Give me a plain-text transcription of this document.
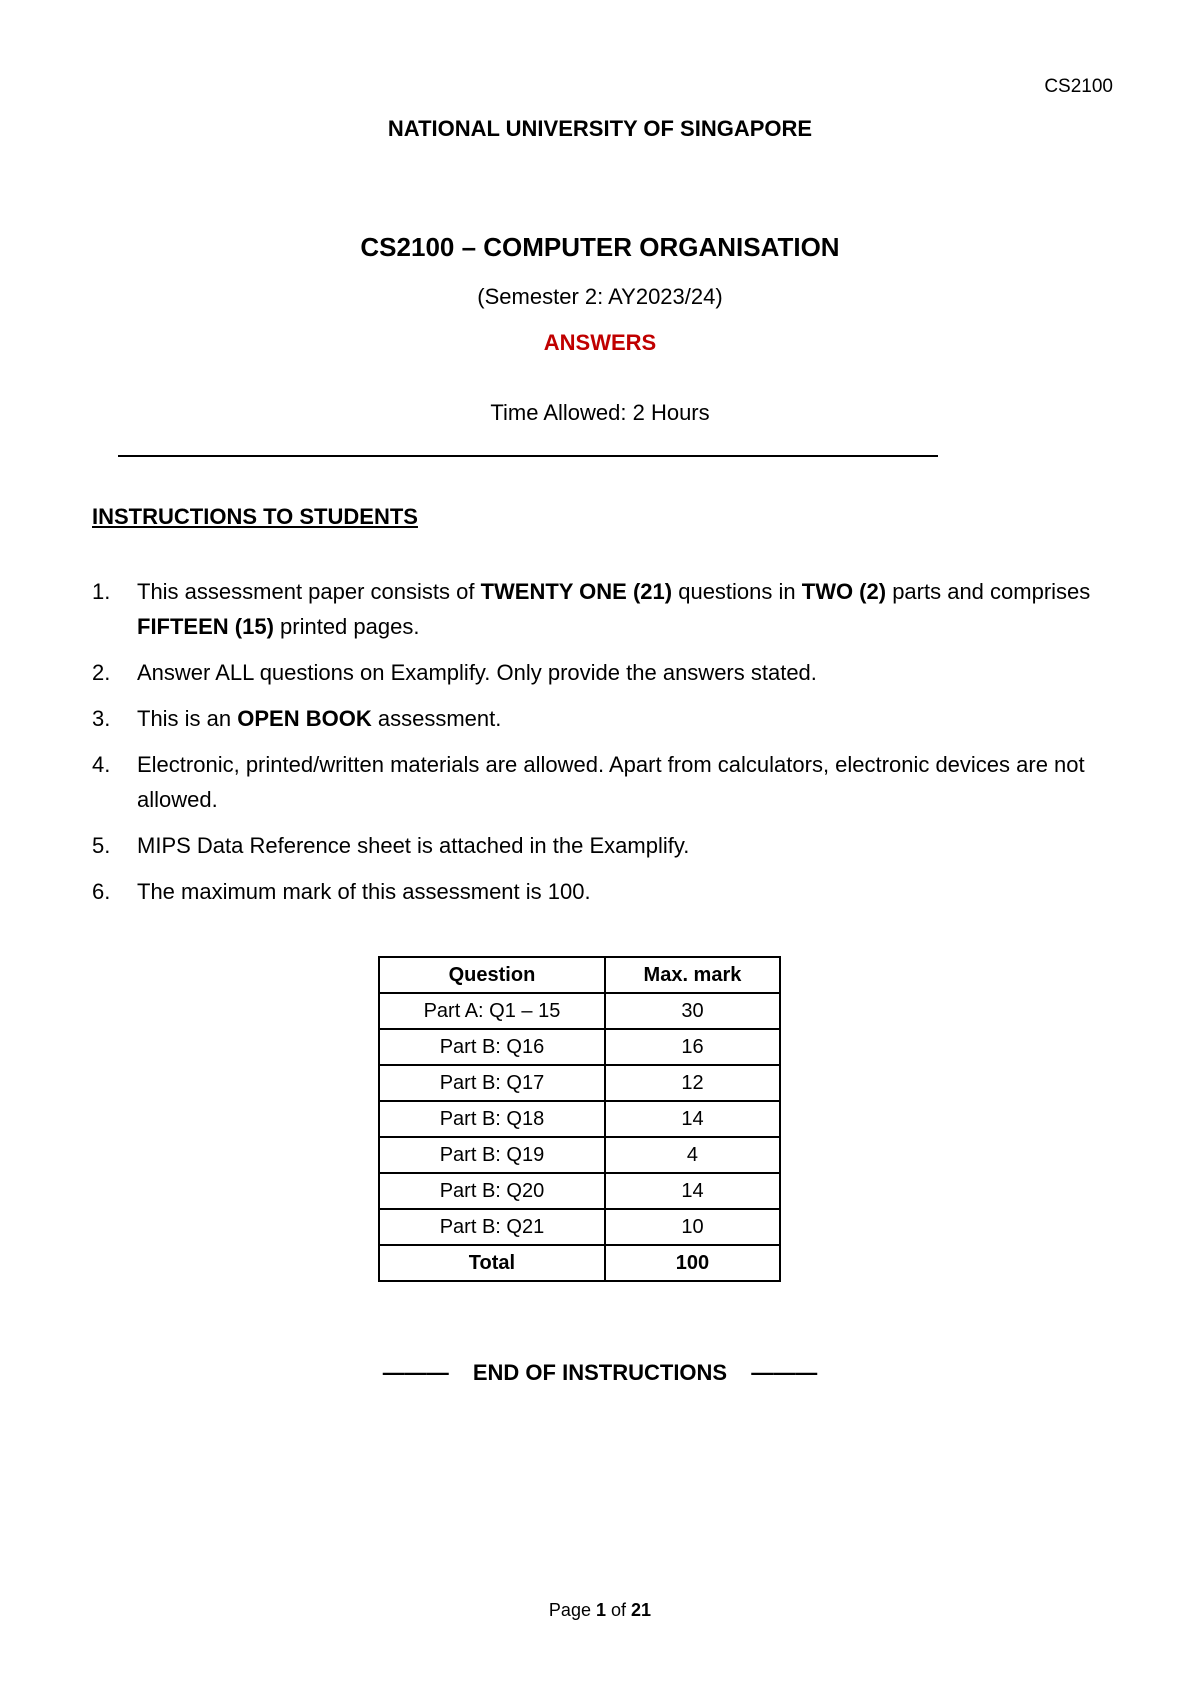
CS2100
NATIONAL UNIVERSITY OF SINGAPORE
CS2100 – COMPUTER ORGANISATION
(Semester 2: AY2023/24)
ANSWERS
Time Allowed: 2 Hours
INSTRUCTIONS TO STUDENTS
1. This assessment paper consists of TWENTY ONE (21) questions in TWO (2) parts and comprises FIFTEEN (15) printed pages.
2. Answer ALL questions on Examplify. Only provide the answers stated.
3. This is an OPEN BOOK assessment.
4. Electronic, printed/written materials are allowed. Apart from calculators, electronic devices are not allowed.
5. MIPS Data Reference sheet is attached in the Examplify.
6. The maximum mark of this assessment is 100.
Question	Max. mark
Part A: Q1 – 15	30
Part B: Q16	16
Part B: Q17	12
Part B: Q18	14
Part B: Q19	4
Part B: Q20	14
Part B: Q21	10
Total	100
——— END OF INSTRUCTIONS ———
Page 1 of 21
